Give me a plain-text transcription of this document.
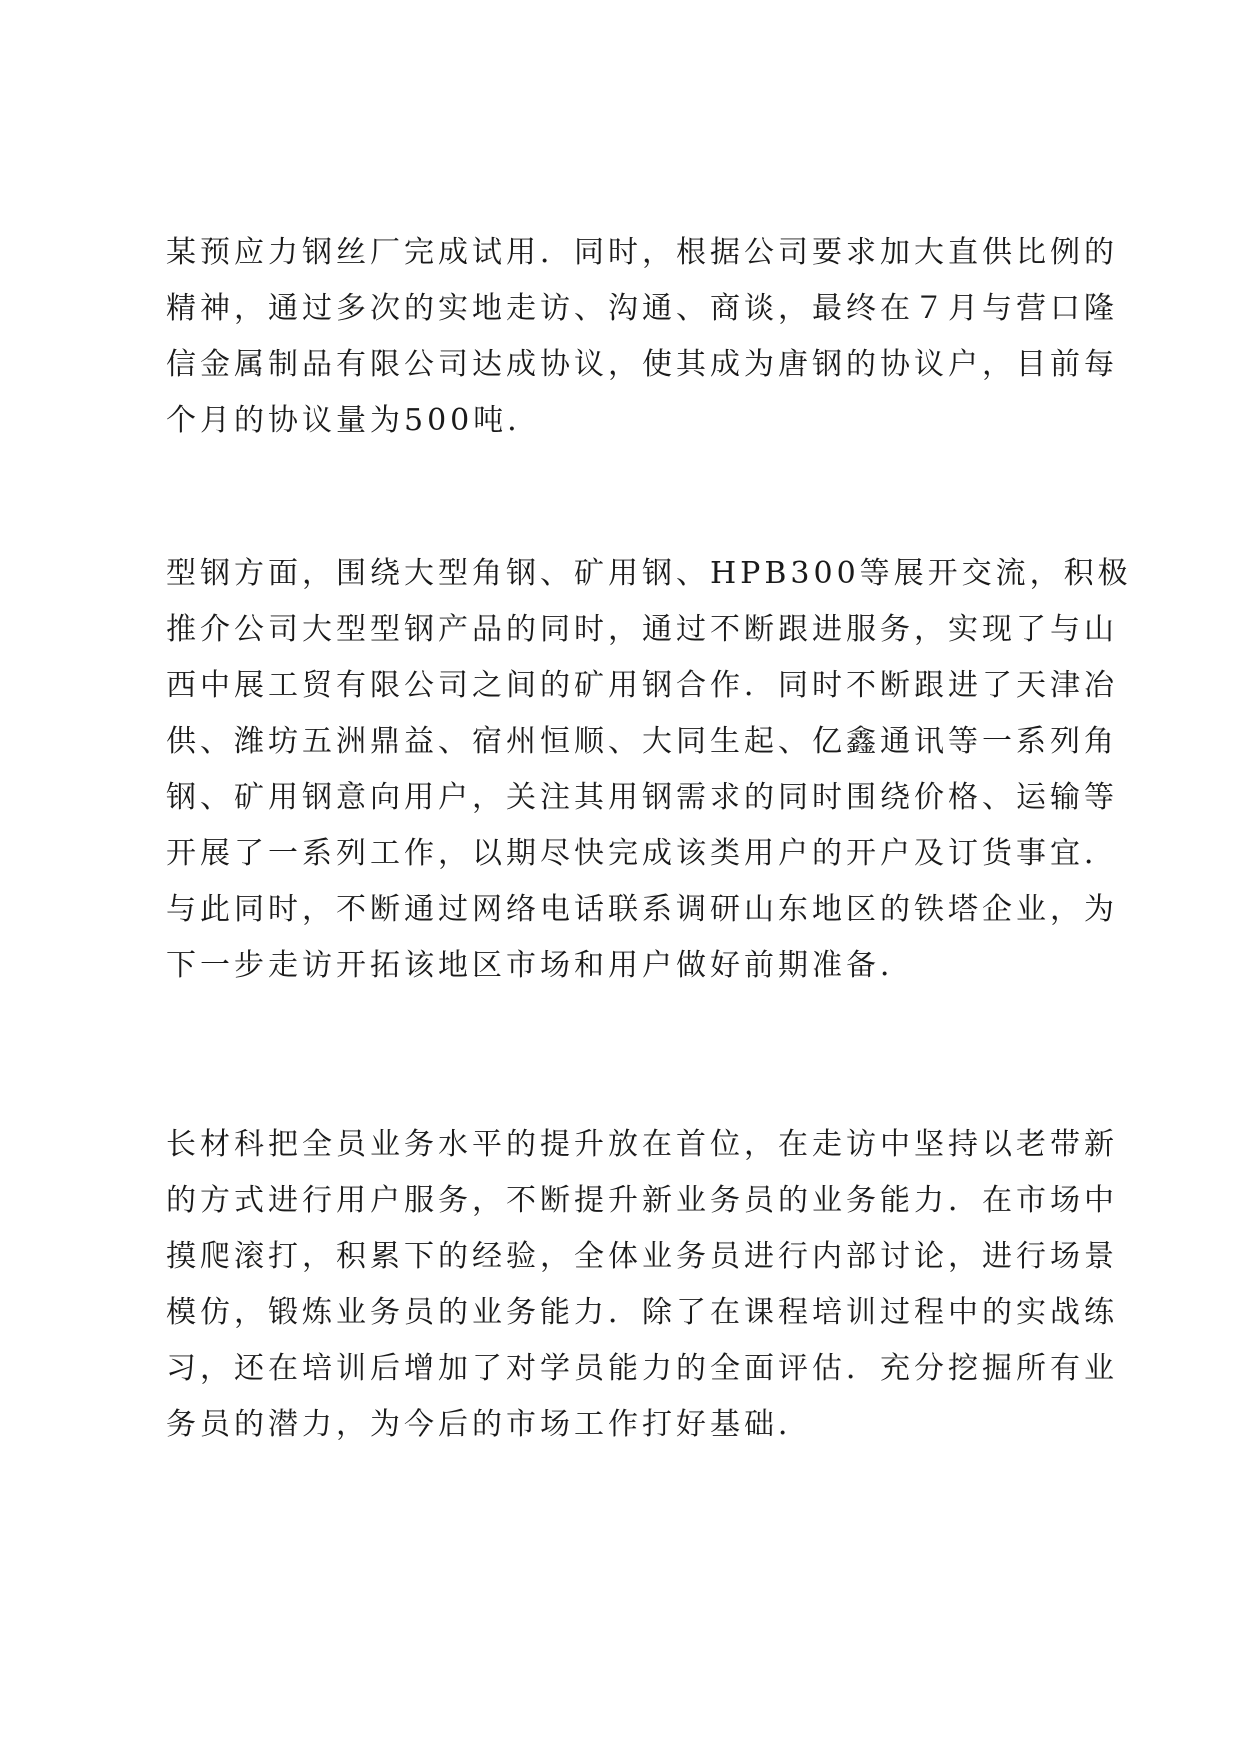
某预应力钢丝厂完成试用．同时，根据公司要求加大直供比例的
精神，通过多次的实地走访、沟通、商谈，最终在７月与营口隆
信金属制品有限公司达成协议，使其成为唐钢的协议户，目前每
个月的协议量为500吨．
型钢方面，围绕大型角钢、矿用钢、HPB300等展开交流，积极
推介公司大型型钢产品的同时，通过不断跟进服务，实现了与山
西中展工贸有限公司之间的矿用钢合作．同时不断跟进了天津冶
供、潍坊五洲鼎益、宿州恒顺、大同生起、亿鑫通讯等一系列角
钢、矿用钢意向用户，关注其用钢需求的同时围绕价格、运输等
开展了一系列工作，以期尽快完成该类用户的开户及订货事宜．
与此同时，不断通过网络电话联系调研山东地区的铁塔企业，为
下一步走访开拓该地区市场和用户做好前期准备．
长材科把全员业务水平的提升放在首位，在走访中坚持以老带新
的方式进行用户服务，不断提升新业务员的业务能力．在市场中
摸爬滚打，积累下的经验，全体业务员进行内部讨论，进行场景
模仿，锻炼业务员的业务能力．除了在课程培训过程中的实战练
习，还在培训后增加了对学员能力的全面评估．充分挖掘所有业
务员的潜力，为今后的市场工作打好基础．
